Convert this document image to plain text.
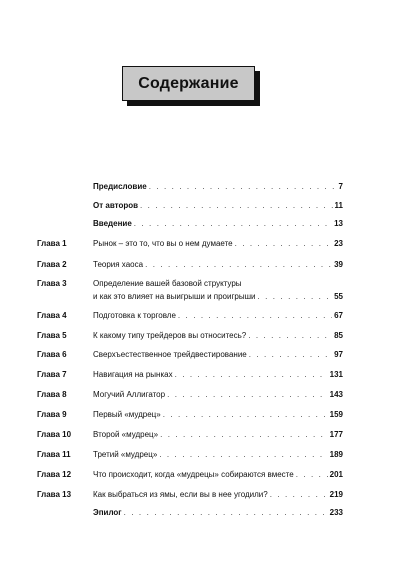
Содержание
Предисловие . . .	7
От авторов . . .	11
Введение . . .	13
Глава 1	Рынок – это то, что вы о нем думаете . . .	23
Глава 2	Теория хаоса . . .	39
Глава 3	Определение вашей базовой структуры
и как это влияет на выигрыши и проигрыши . . .	55
Глава 4	Подготовка к торговле . . .	67
Глава 5	К какому типу трейдеров вы относитесь? . . .	85
Глава 6	Сверхъестественное трейдвестирование . . .	97
Глава 7	Навигация на рынках . . .	131
Глава 8	Могучий Аллигатор . . .	143
Глава 9	Первый «мудрец» . . .	159
Глава 10	Второй «мудрец» . . .	177
Глава 11	Третий «мудрец» . . .	189
Глава 12	Что происходит, когда «мудрецы» собираются вместе . . .	201
Глава 13	Как выбраться из ямы, если вы в нее угодили? . . .	219
Эпилог . . .	233
